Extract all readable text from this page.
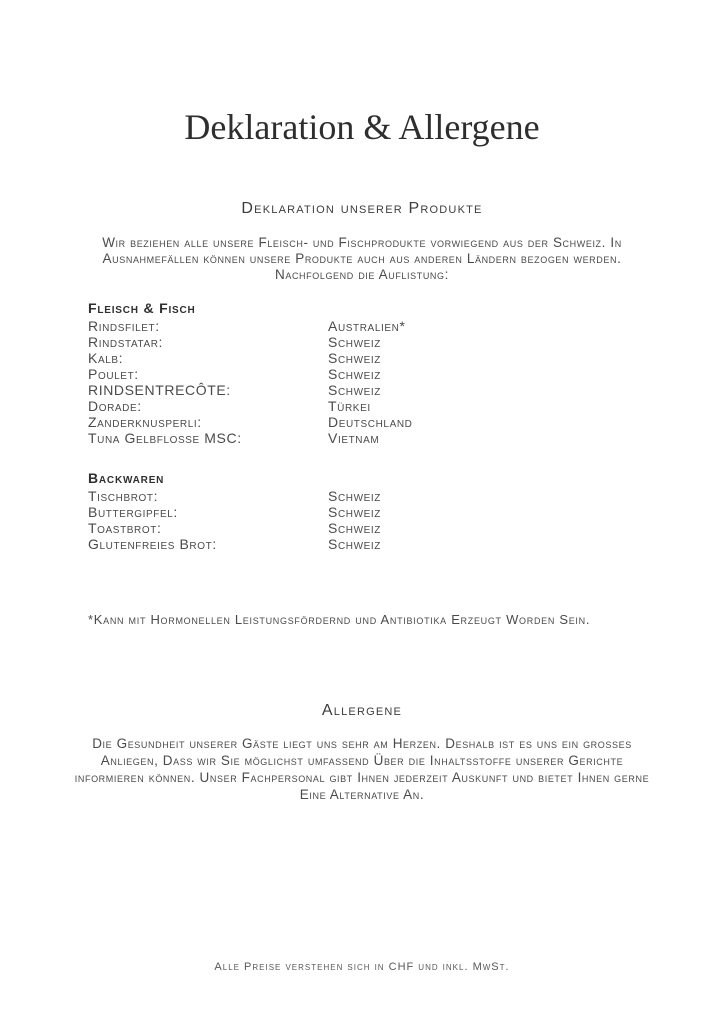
Deklaration & Allergene
Deklaration unserer Produkte

Wir beziehen alle unsere Fleisch- und Fischprodukte vorwiegend aus der Schweiz. In Ausnahmefällen können unsere Produkte auch aus anderen Ländern bezogen werden. Nachfolgend die Auflistung:

Fleisch & Fisch
Rindsfilet:	Australien*
Rindstatar:	Schweiz
Kalb:	Schweiz
Poulet:	Schweiz
RINDSENTRECÔTE:	Schweiz
Dorade:	Türkei
Zanderknusperli:	Deutschland
Tuna Gelbflosse MSC:	Vietnam
Backwaren
Tischbrot:	Schweiz
Buttergipfel:	Schweiz
Toastbrot:	Schweiz
Glutenfreies Brot:	Schweiz

*Kann mit Hormonellen Leistungsfördernd und Antibiotika Erzeugt Worden Sein.

Allergene

Die Gesundheit unserer Gäste liegt uns sehr am Herzen. Deshalb ist es uns ein grosses Anliegen, Dass wir Sie möglichst umfassend Über die Inhaltsstoffe unserer Gerichte informieren können. Unser Fachpersonal gibt Ihnen jederzeit Auskunft und bietet Ihnen gerne Eine Alternative An.

Alle Preise verstehen sich in CHF und inkl. MwSt.
